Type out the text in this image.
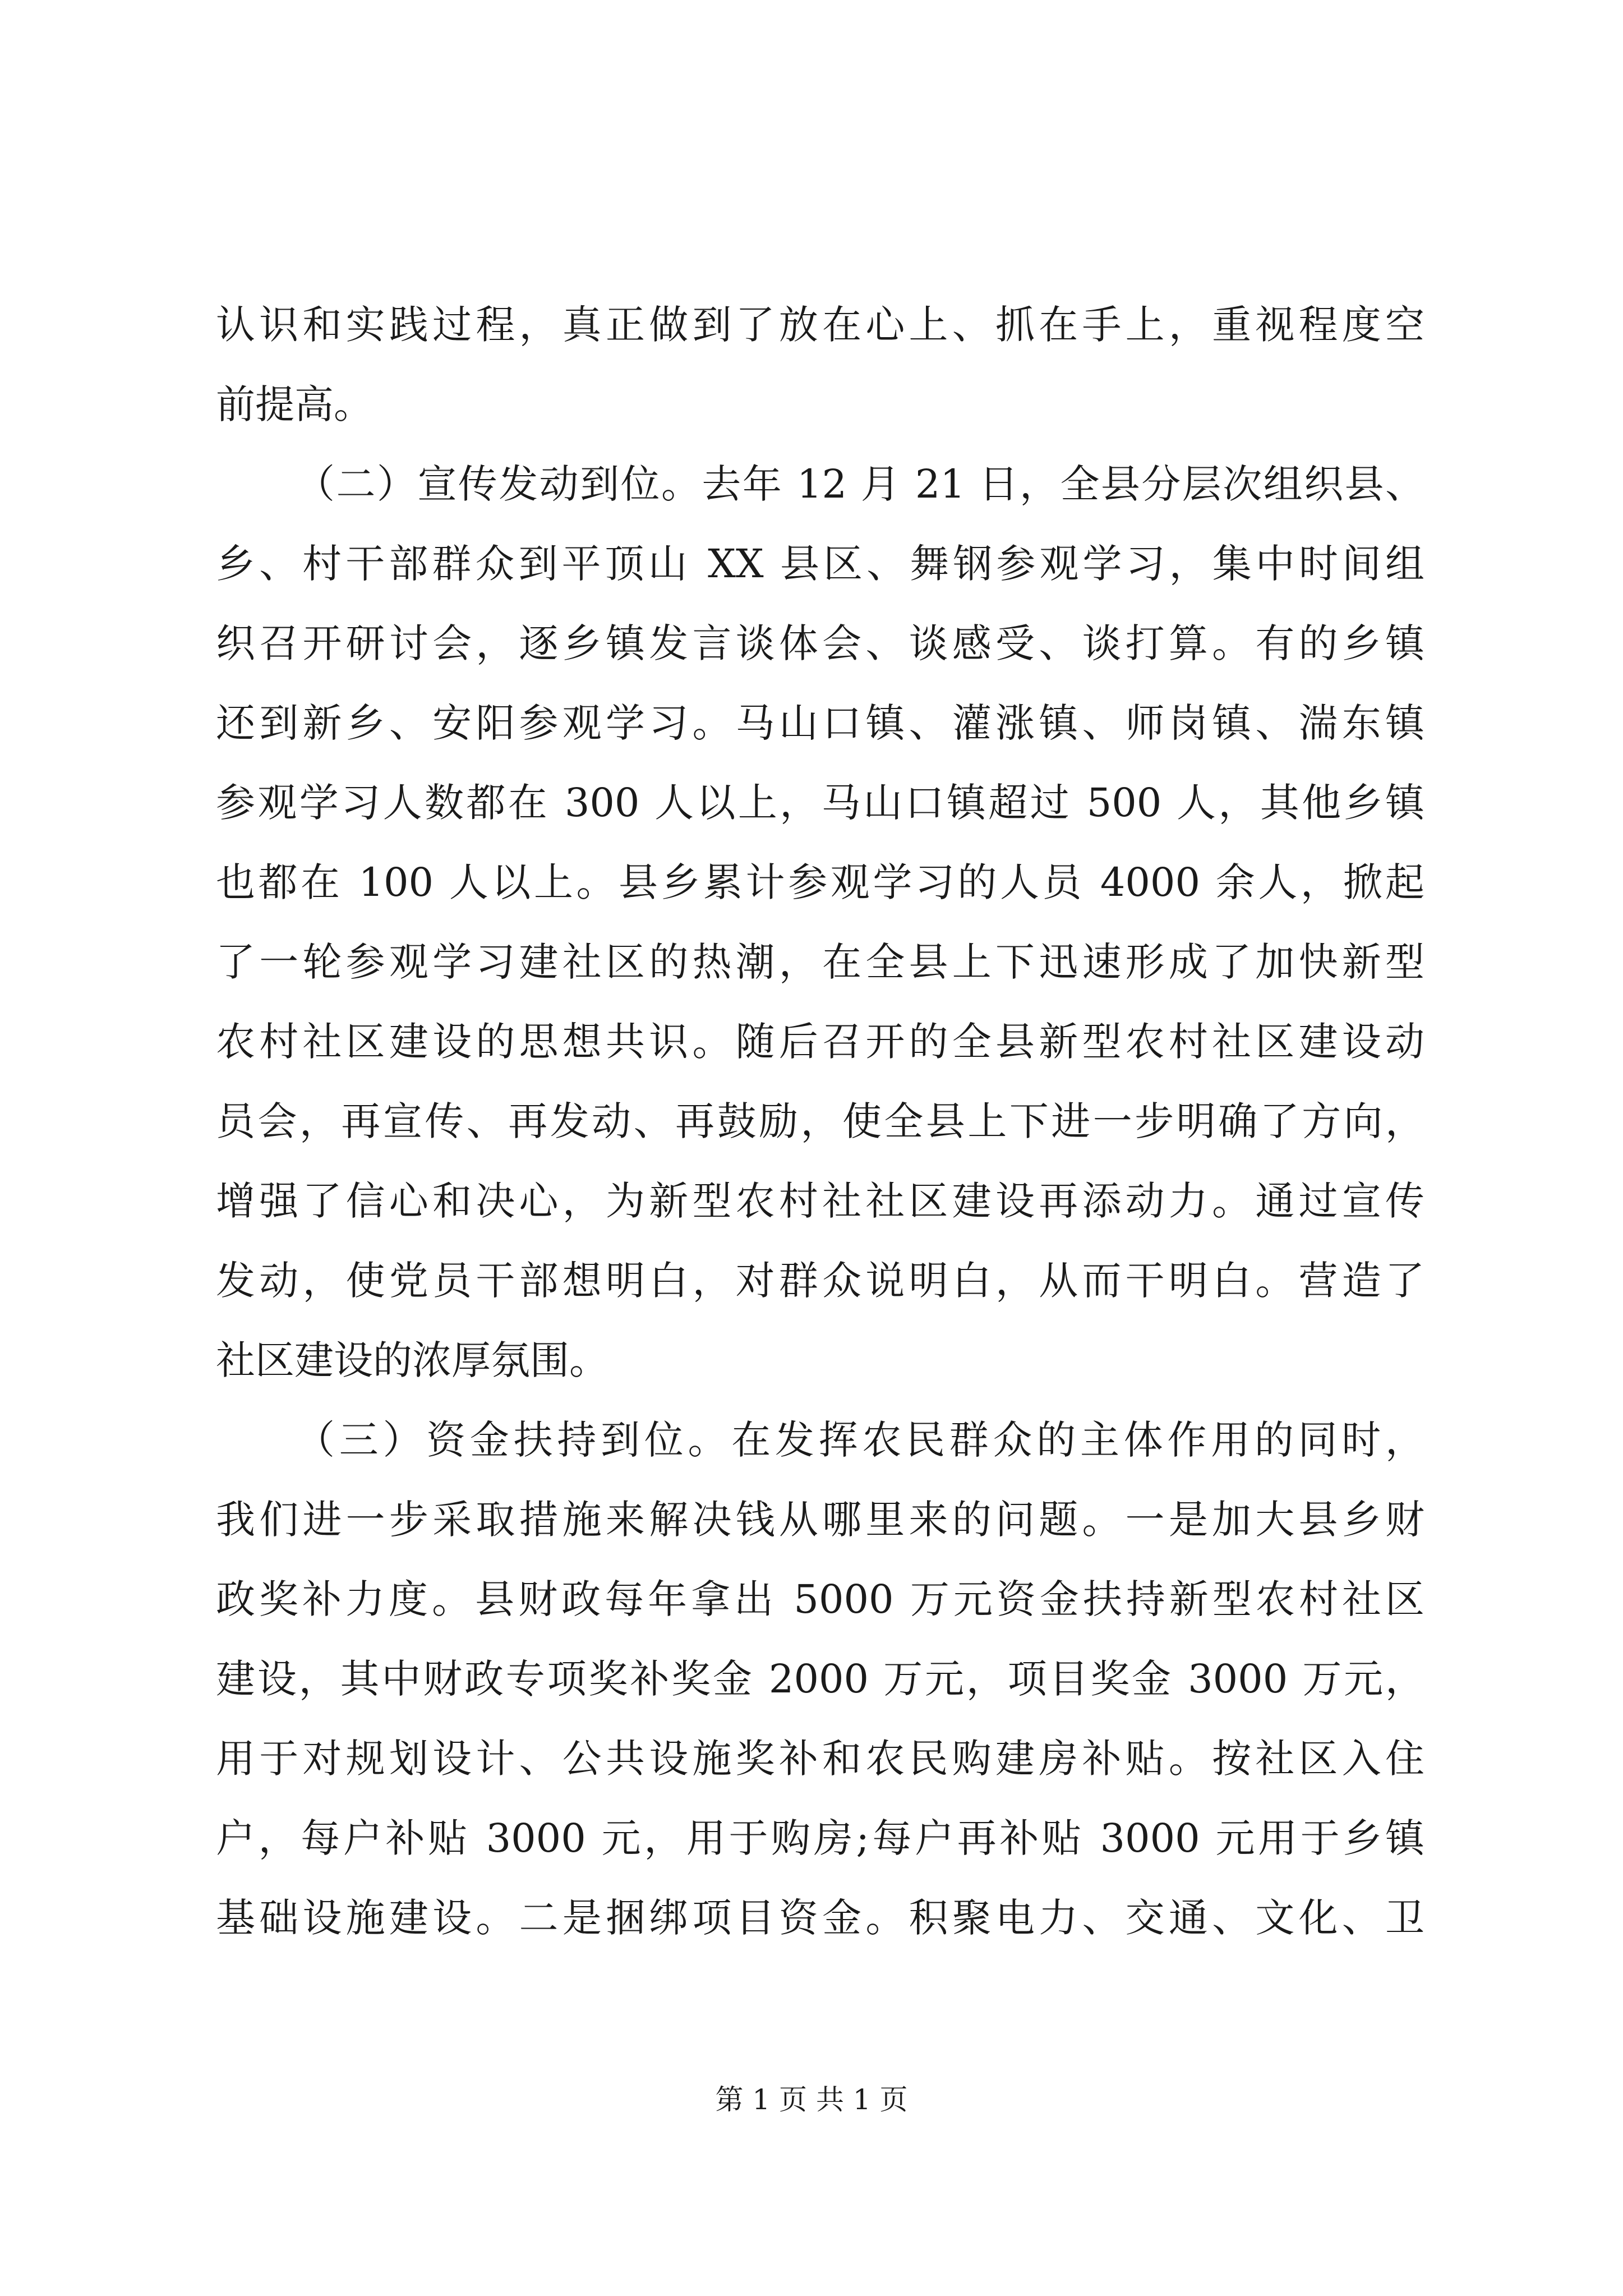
认识和实践过程，真正做到了放在心上、抓在手上，重视程度空
前提高。
（二）宣传发动到位。去年 12 月 21 日，全县分层次组织县、
乡、村干部群众到平顶山 XX 县区、舞钢参观学习，集中时间组
织召开研讨会，逐乡镇发言谈体会、谈感受、谈打算。有的乡镇
还到新乡、安阳参观学习。马山口镇、灌涨镇、师岗镇、湍东镇
参观学习人数都在 300 人以上，马山口镇超过 500 人，其他乡镇
也都在 100 人以上。县乡累计参观学习的人员 4000 余人，掀起
了一轮参观学习建社区的热潮，在全县上下迅速形成了加快新型
农村社区建设的思想共识。随后召开的全县新型农村社区建设动
员会，再宣传、再发动、再鼓励，使全县上下进一步明确了方向，
增强了信心和决心，为新型农村社社区建设再添动力。通过宣传
发动，使党员干部想明白，对群众说明白，从而干明白。营造了
社区建设的浓厚氛围。
（三）资金扶持到位。在发挥农民群众的主体作用的同时，
我们进一步采取措施来解决钱从哪里来的问题。一是加大县乡财
政奖补力度。县财政每年拿出 5000 万元资金扶持新型农村社区
建设，其中财政专项奖补奖金 2000 万元，项目奖金 3000 万元，
用于对规划设计、公共设施奖补和农民购建房补贴。按社区入住
户，每户补贴 3000 元，用于购房;每户再补贴 3000 元用于乡镇
基础设施建设。二是捆绑项目资金。积聚电力、交通、文化、卫
第 1 页 共 1 页
